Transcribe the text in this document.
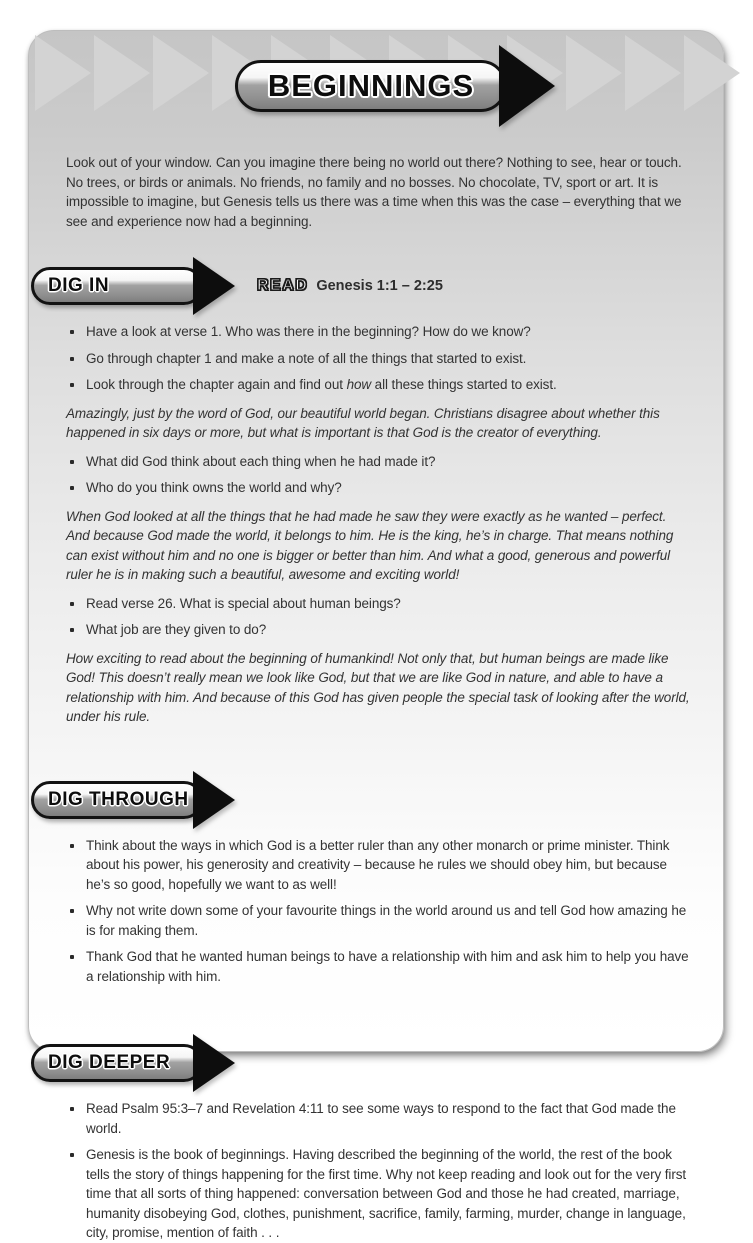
BEGINNINGS

Look out of your window. Can you imagine there being no world out there? Nothing to see, hear or touch. No trees, or birds or animals. No friends, no family and no bosses. No chocolate, TV, sport or art. It is impossible to imagine, but Genesis tells us there was a time when this was the case – everything that we see and experience now had a beginning.

DIG IN	READ Genesis 1:1 – 2:25
Have a look at verse 1. Who was there in the beginning? How do we know?
Go through chapter 1 and make a note of all the things that started to exist.
Look through the chapter again and find out how all these things started to exist.

Amazingly, just by the word of God, our beautiful world began. Christians disagree about whether this happened in six days or more, but what is important is that God is the creator of everything.

What did God think about each thing when he had made it?
Who do you think owns the world and why?

When God looked at all the things that he had made he saw they were exactly as he wanted – perfect. And because God made the world, it belongs to him. He is the king, he’s in charge. That means nothing can exist without him and no one is bigger or better than him. And what a good, generous and powerful ruler he is in making such a beautiful, awesome and exciting world!

Read verse 26. What is special about human beings?
What job are they given to do?

How exciting to read about the beginning of humankind! Not only that, but human beings are made like God! This doesn’t really mean we look like God, but that we are like God in nature, and able to have a relationship with him. And because of this God has given people the special task of looking after the world, under his rule.

DIG THROUGH
Think about the ways in which God is a better ruler than any other monarch or prime minister. Think about his power, his generosity and creativity – because he rules we should obey him, but because he’s so good, hopefully we want to as well!
Why not write down some of your favourite things in the world around us and tell God how amazing he is for making them.
Thank God that he wanted human beings to have a relationship with him and ask him to help you have a relationship with him.
DIG DEEPER
Read Psalm 95:3–7 and Revelation 4:11 to see some ways to respond to the fact that God made the world.
Genesis is the book of beginnings. Having described the beginning of the world, the rest of the book tells the story of things happening for the first time. Why not keep reading and look out for the very first time that all sorts of thing happened: conversation between God and those he had created, marriage, humanity disobeying God, clothes, punishment, sacrifice, family, farming, murder, change in language, city, promise, mention of faith . . .
